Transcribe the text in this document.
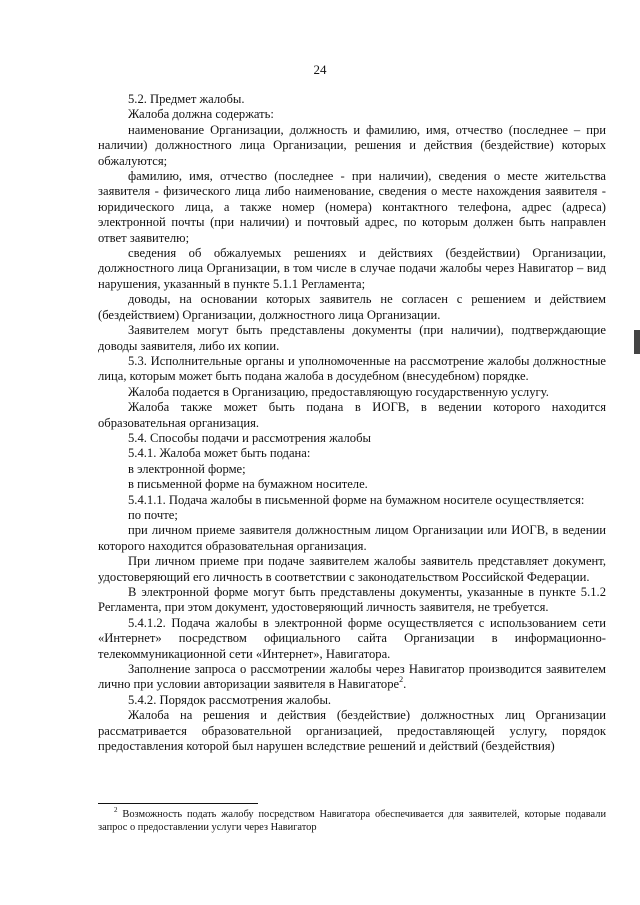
24

5.2. Предмет жалобы.

Жалоба должна содержать:

наименование Организации, должность и фамилию, имя, отчество (последнее – при наличии) должностного лица Организации, решения и действия (бездействие) которых обжалуются;

фамилию, имя, отчество (последнее - при наличии), сведения о месте жительства заявителя - физического лица либо наименование, сведения о месте нахождения заявителя - юридического лица, а также номер (номера) контактного телефона, адрес (адреса) электронной почты (при наличии) и почтовый адрес, по которым должен быть направлен ответ заявителю;

сведения об обжалуемых решениях и действиях (бездействии) Организации, должностного лица Организации, в том числе в случае подачи жалобы через Навигатор – вид нарушения, указанный в пункте 5.1.1 Регламента;

доводы, на основании которых заявитель не согласен с решением и действием (бездействием) Организации, должностного лица Организации.

Заявителем могут быть представлены документы (при наличии), подтверждающие доводы заявителя, либо их копии.

5.3. Исполнительные органы и уполномоченные на рассмотрение жалобы должностные лица, которым может быть подана жалоба в досудебном (внесудебном) порядке.

Жалоба подается в Организацию, предоставляющую государственную услугу.

Жалоба также может быть подана в ИОГВ, в ведении которого находится образовательная организация.

5.4. Способы подачи и рассмотрения жалобы

5.4.1. Жалоба может быть подана:

в электронной форме;

в письменной форме на бумажном носителе.

5.4.1.1. Подача жалобы в письменной форме на бумажном носителе осуществляется:

по почте;

при личном приеме заявителя должностным лицом Организации или ИОГВ, в ведении которого находится образовательная организация.

При личном приеме при подаче заявителем жалобы заявитель представляет документ, удостоверяющий его личность в соответствии с законодательством Российской Федерации.

В электронной форме могут быть представлены документы, указанные в пункте 5.1.2 Регламента, при этом документ, удостоверяющий личность заявителя, не требуется.

5.4.1.2. Подача жалобы в электронной форме осуществляется с использованием сети «Интернет» посредством официального сайта Организации в информационно-телекоммуникационной сети «Интернет», Навигатора.

Заполнение запроса о рассмотрении жалобы через Навигатор производится заявителем лично при условии авторизации заявителя в Навигаторе$^2$.

5.4.2. Порядок рассмотрения жалобы.

Жалоба на решения и действия (бездействие) должностных лиц Организации рассматривается образовательной организацией, предоставляющей услугу, порядок предоставления которой был нарушен вследствие решений и действий (бездействия)

$^2$ Возможность подать жалобу посредством Навигатора обеспечивается для заявителей, которые подавали запрос о предоставлении услуги через Навигатор
